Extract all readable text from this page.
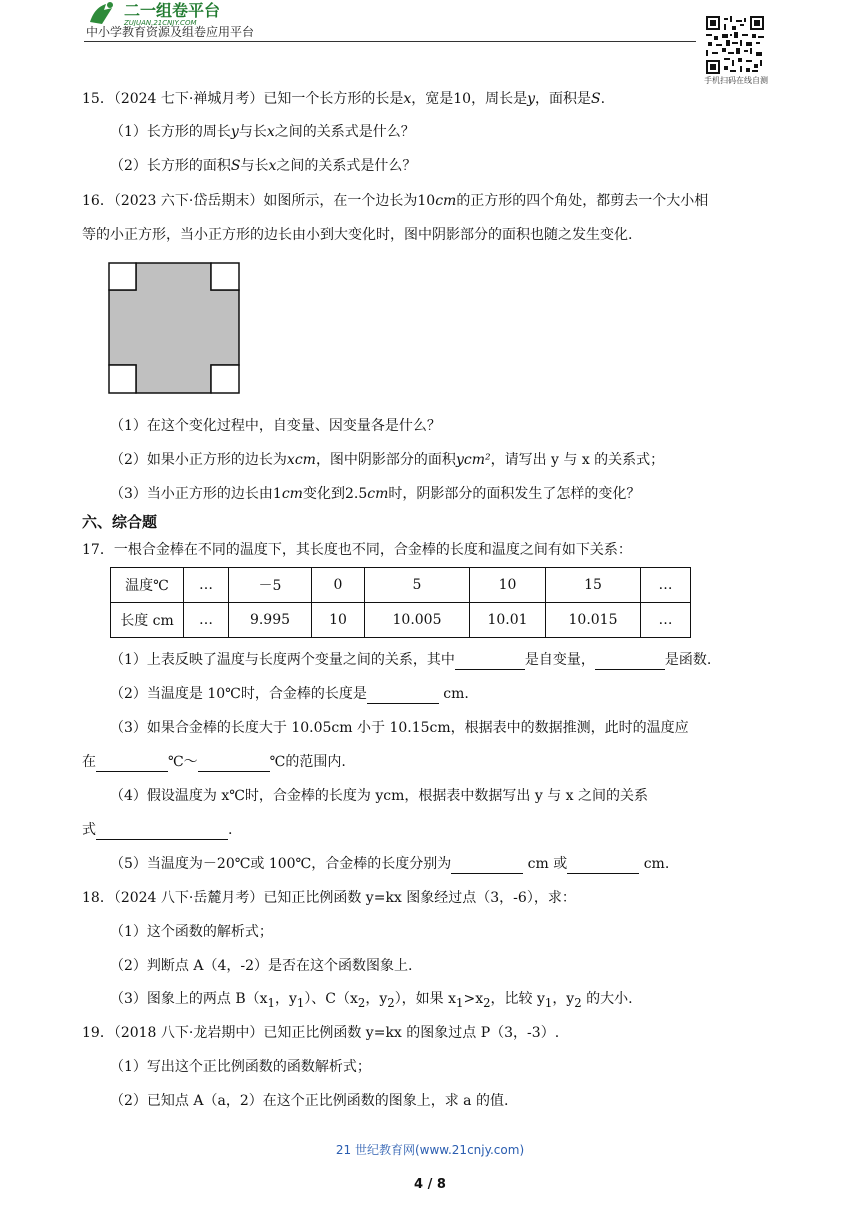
二一组卷平台
ZUJUAN.21CNJY.COM
中小学教育资源及组卷应用平台
手机扫码在线自测
15．（2024 七下·禅城月考）已知一个长方形的长是x，宽是10，周长是y，面积是S.
（1）长方形的周长y与长x之间的关系式是什么？
（2）长方形的面积S与长x之间的关系式是什么？
16．（2023 六下·岱岳期末）如图所示，在一个边长为10cm的正方形的四个角处，都剪去一个大小相
等的小正方形，当小正方形的边长由小到大变化时，图中阴影部分的面积也随之发生变化.
（1）在这个变化过程中，自变量、因变量各是什么？
（2）如果小正方形的边长为xcm，图中阴影部分的面积ycm²，请写出 y 与 x 的关系式；
（3）当小正方形的边长由1cm变化到2.5cm时，阴影部分的面积发生了怎样的变化？
六、综合题
17．一根合金棒在不同的温度下，其长度也不同，合金棒的长度和温度之间有如下关系：
温度℃	…	－5	0	5	10	15	…
长度 cm	…	9.995	10	10.005	10.01	10.015	…
（1）上表反映了温度与长度两个变量之间的关系，其中	是自变量，	是函数.
（2）当温度是 10℃时，合金棒的长度是	cm.
（3）如果合金棒的长度大于 10.05cm 小于 10.15cm，根据表中的数据推测，此时的温度应
在	℃～	℃的范围内.
（4）假设温度为 x℃时，合金棒的长度为 ycm，根据表中数据写出 y 与 x 之间的关系
式	.
（5）当温度为－20℃或 100℃，合金棒的长度分别为	cm 或	cm.
18．（2024 八下·岳麓月考）已知正比例函数 y=kx 图象经过点（3，-6），求：
（1）这个函数的解析式；
（2）判断点 A（4，-2）是否在这个函数图象上.
（3）图象上的两点 $B(x_1$，$y_1$）、$C(x_2$，$y_2$），如果 $x_1>x_2$，比较 $y_1$，$y_2$ 的大小.
19．（2018 八下·龙岩期中）已知正比例函数 y=kx 的图象过点 P（3，-3）.
（1）写出这个正比例函数的函数解析式；
（2）已知点 A（a，2）在这个正比例函数的图象上，求 a 的值.
21 世纪教育网(www.21cnjy.com)
4 / 8
